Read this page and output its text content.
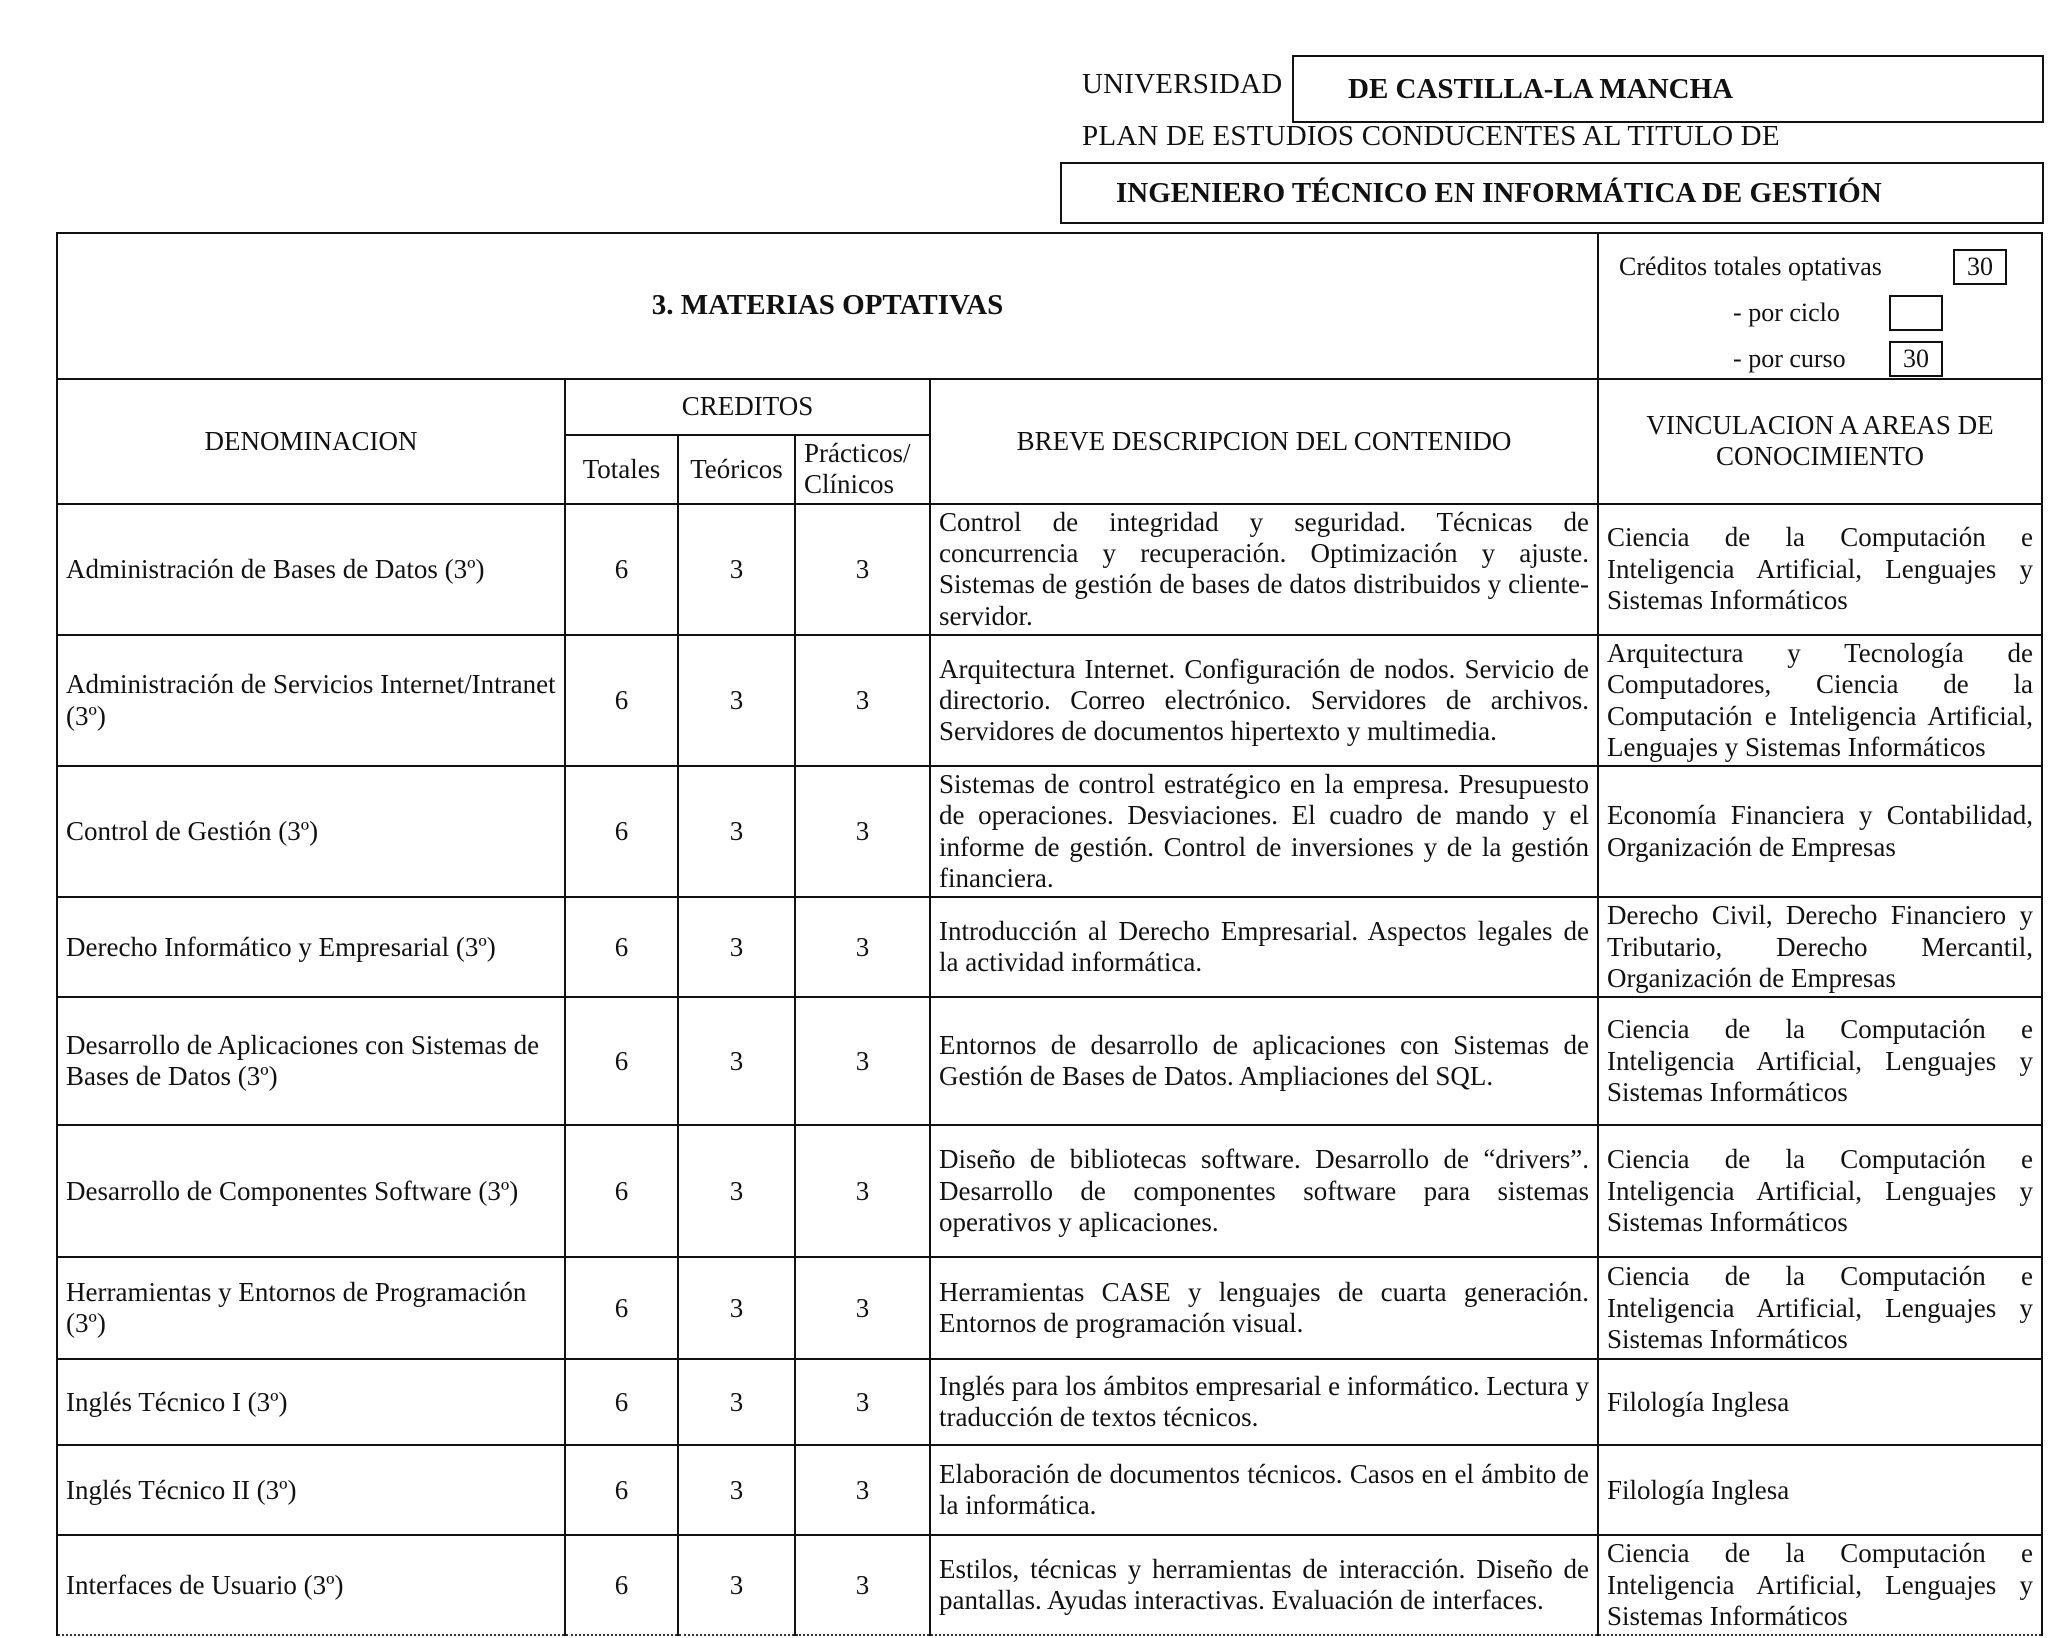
UNIVERSIDAD DE CASTILLA-LA MANCHA
PLAN DE ESTUDIOS CONDUCENTES AL TITULO DE
INGENIERO TÉCNICO EN INFORMÁTICA DE GESTIÓN
3. MATERIAS OPTATIVAS					Créditos totales optativas 30
- por ciclo
- por curso 30

DENOMINACION	CREDITOS			BREVE DESCRIPCION DEL CONTENIDO	VINCULACION A AREAS DE CONOCIMIENTO
	Totales	Teóricos	Prácticos/ Clínicos		
Administración de Bases de Datos (3º)	6	3	3	Control de integridad y seguridad. Técnicas de concurrencia y recuperación. Optimización y ajuste. Sistemas de gestión de bases de datos distribuidos y cliente-servidor.	Ciencia de la Computación e Inteligencia Artificial, Lenguajes y Sistemas Informáticos
Administración de Servicios Internet/Intranet (3º)	6	3	3	Arquitectura Internet. Configuración de nodos. Servicio de directorio. Correo electrónico. Servidores de archivos. Servidores de documentos hipertexto y multimedia.	Arquitectura y Tecnología de Computadores, Ciencia de la Computación e Inteligencia Artificial, Lenguajes y Sistemas Informáticos
Control de Gestión (3º)	6	3	3	Sistemas de control estratégico en la empresa. Presupuesto de operaciones. Desviaciones. El cuadro de mando y el informe de gestión. Control de inversiones y de la gestión financiera.	Economía Financiera y Contabilidad, Organización de Empresas
Derecho Informático y Empresarial (3º)	6	3	3	Introducción al Derecho Empresarial. Aspectos legales de la actividad informática.	Derecho Civil, Derecho Financiero y Tributario, Derecho Mercantil, Organización de Empresas
Desarrollo de Aplicaciones con Sistemas de Bases de Datos (3º)	6	3	3	Entornos de desarrollo de aplicaciones con Sistemas de Gestión de Bases de Datos. Ampliaciones del SQL.	Ciencia de la Computación e Inteligencia Artificial, Lenguajes y Sistemas Informáticos
Desarrollo de Componentes Software (3º)	6	3	3	Diseño de bibliotecas software. Desarrollo de “drivers”. Desarrollo de componentes software para sistemas operativos y aplicaciones.	Ciencia de la Computación e Inteligencia Artificial, Lenguajes y Sistemas Informáticos
Herramientas y Entornos de Programación (3º)	6	3	3	Herramientas CASE y lenguajes de cuarta generación. Entornos de programación visual.	Ciencia de la Computación e Inteligencia Artificial, Lenguajes y Sistemas Informáticos
Inglés Técnico I (3º)	6	3	3	Inglés para los ámbitos empresarial e informático. Lectura y traducción de textos técnicos.	Filología Inglesa
Inglés Técnico II (3º)	6	3	3	Elaboración de documentos técnicos. Casos en el ámbito de la informática.	Filología Inglesa
Interfaces de Usuario (3º)	6	3	3	Estilos, técnicas y herramientas de interacción. Diseño de pantallas. Ayudas interactivas. Evaluación de interfaces.	Ciencia de la Computación e Inteligencia Artificial, Lenguajes y Sistemas Informáticos
